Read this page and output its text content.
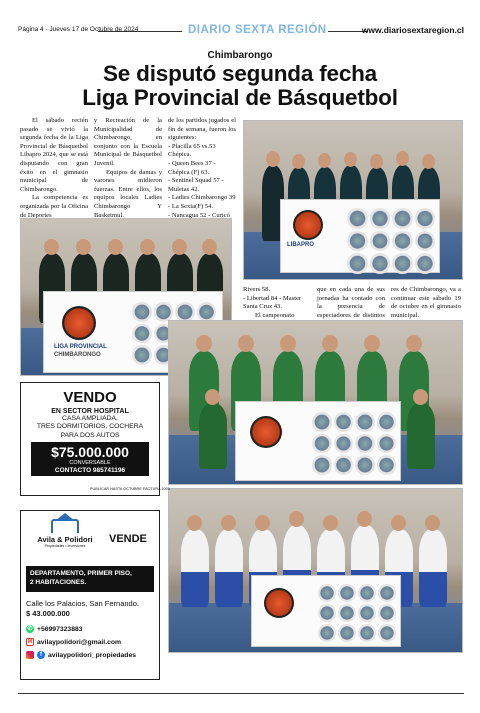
Página 4 - Jueves 17 de Octubre de 2024	DIARIO SEXTA REGIÓN	www.diariosextaregion.cl
Chimbarongo
Se disputó segunda fecha
Liga Provincial de Básquetbol

El sábado recién pasado se vivió la segunda fecha de la Liga Provincial de Básquetbol Libapro 2024, que se está disputando con gran éxito en el gimnasio municipal de Chimbarongo.

La competencia es organizada por la Oficina de Deportes

y Recreación de la Municipalidad de Chimbarongo, en conjunto con la Escuela Municipal de Básquetbol Juvenil.

Equipos de damas y varones midieron fuerzas. Entre ellos, los equipos locales Ladies Chimbarongo Y Basketmul.

de los partidos jugados el fin de semana, fueron los siguientes:

- Placilla 65 vs.53 Chépica.
- Queen Bees 37 - Chépica (F) 63.
- Sentinel Squad 57 - Muletas 42.
- Ladies Chimbarongo 39 - La Sexta(F) 54.
- Nancagua 52 - Curicó

Rivers 58.

- Libertad 84 - Master Santa Cruz 43.

El campeonato

que en cada una de sus jornadas ha contado con la presencia de espectadores de distintos

res de Chimbarongo, va a continuar este sábado 19 de octubre en el gimnasio municipal.

LIBAPRO
LIGA PROVINCIAL
CHIMBARONGO
VENDO
EN SECTOR HOSPITAL
CASA AMPLIADA,
TRES DORMITORIOS, COCHERA
PARA DOS AUTOS
$75.000.000
CONVERSABLE
CONTACTO 985741196
PUBLICAR HASTA OCTUBRE FACTURA 1000
Avila & Polidori
Propiedades • Inversiones
VENDE
DEPARTAMENTO, PRIMER PISO,
2 HABITACIONES.
Calle los Palacios, San Fernando.
$ 43.000.000
✆ +56997323883
M avilaypolidori@gmail.com
f avilaypolidori_propiedades
